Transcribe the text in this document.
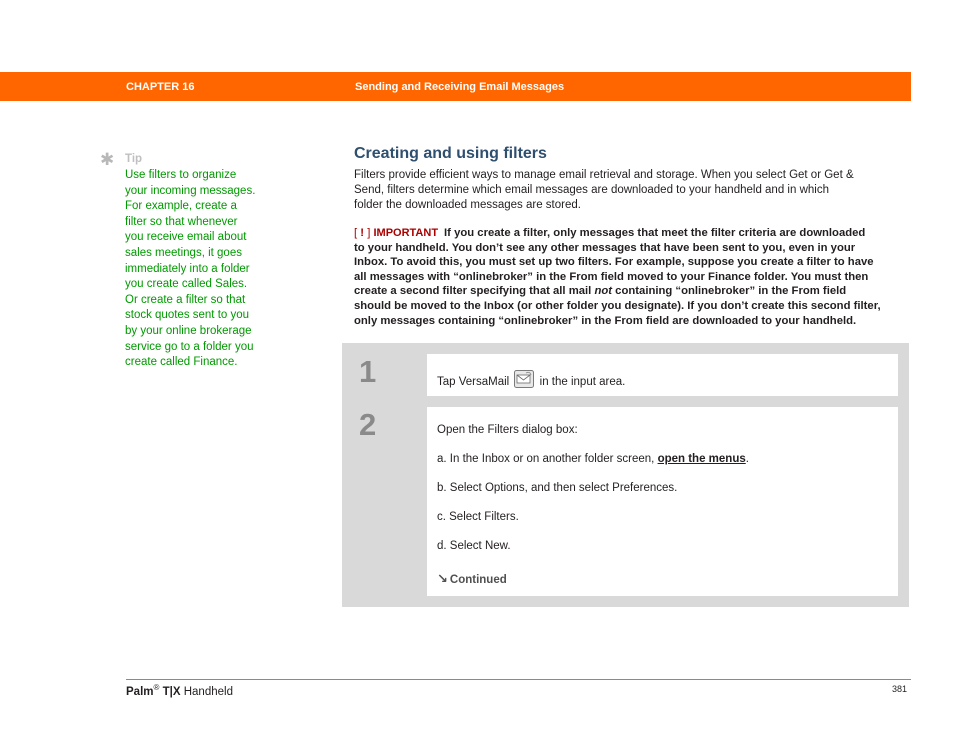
CHAPTER 16	Sending and Receiving Email Messages
✱ Tip
Use filters to organize
your incoming messages.
For example, create a
filter so that whenever
you receive email about
sales meetings, it goes
immediately into a folder
you create called Sales.
Or create a filter so that
stock quotes sent to you
by your online brokerage
service go to a folder you
create called Finance.
Creating and using filters
Filters provide efficient ways to manage email retrieval and storage. When you select Get or Get &
Send, filters determine which email messages are downloaded to your handheld and in which
folder the downloaded messages are stored.
[ ! ] IMPORTANT If you create a filter, only messages that meet the filter criteria are downloaded
to your handheld. You don’t see any other messages that have been sent to you, even in your
Inbox. To avoid this, you must set up two filters. For example, suppose you create a filter to have
all messages with “onlinebroker” in the From field moved to your Finance folder. You must then
create a second filter specifying that all mail not containing “onlinebroker” in the From field
should be moved to the Inbox (or other folder you designate). If you don’t create this second filter,
only messages containing “onlinebroker” in the From field are downloaded to your handheld.
1	Tap VersaMail	in the input area.
2	Open the Filters dialog box:
a. In the Inbox or on another folder screen, open the menus.
b. Select Options, and then select Preferences.
c. Select Filters.
d. Select New.
↘ Continued
Palm® T|X Handheld	381
